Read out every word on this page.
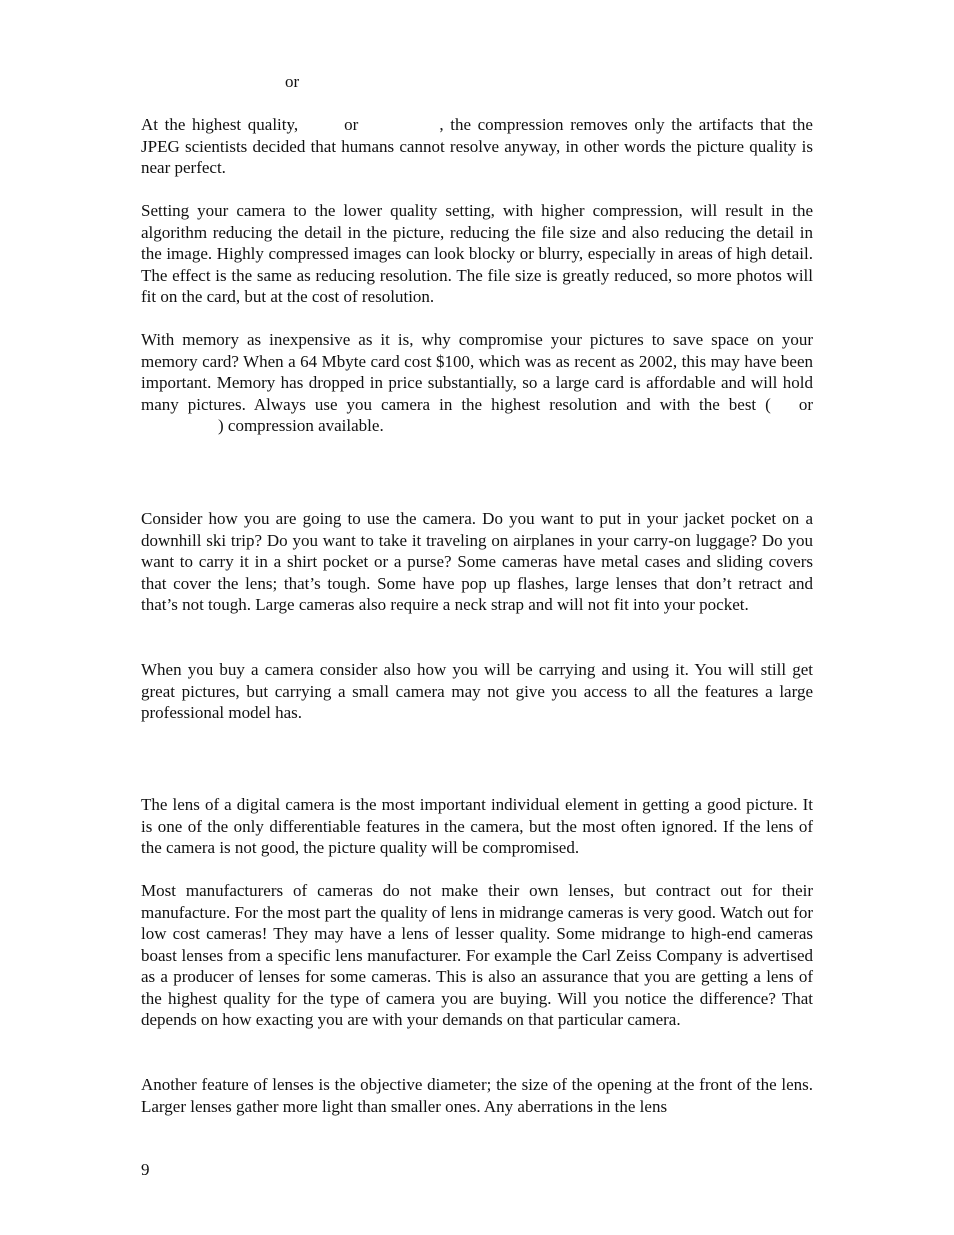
or

At the highest quality,	or	, the compression removes only the artifacts that the JPEG scientists decided that humans cannot resolve anyway, in other words the picture quality is near perfect.

Setting your camera to the lower quality setting, with higher compression, will result in the algorithm reducing the detail in the picture, reducing the file size and also reducing the detail in the image. Highly compressed images can look blocky or blurry, especially in areas of high detail. The effect is the same as reducing resolution. The file size is greatly reduced, so more photos will fit on the card, but at the cost of resolution.

With memory as inexpensive as it is, why compromise your pictures to save space on your memory card? When a 64 Mbyte card cost $100, which was as recent as 2002, this may have been important. Memory has dropped in price substantially, so a large card is affordable and will hold many pictures. Always use you camera in the highest resolution and with the best ( or) compression available.

Consider how you are going to use the camera. Do you want to put in your jacket pocket on a downhill ski trip? Do you want to take it traveling on airplanes in your carry-on luggage? Do you want to carry it in a shirt pocket or a purse? Some cameras have metal cases and sliding covers that cover the lens; that’s tough. Some have pop up flashes, large lenses that don’t retract and that’s not tough. Large cameras also require a neck strap and will not fit into your pocket.

When you buy a camera consider also how you will be carrying and using it. You will still get great pictures, but carrying a small camera may not give you access to all the features a large professional model has.

The lens of a digital camera is the most important individual element in getting a good picture. It is one of the only differentiable features in the camera, but the most often ignored. If the lens of the camera is not good, the picture quality will be compromised.

Most manufacturers of cameras do not make their own lenses, but contract out for their manufacture. For the most part the quality of lens in midrange cameras is very good. Watch out for low cost cameras! They may have a lens of lesser quality. Some midrange to high-end cameras boast lenses from a specific lens manufacturer. For example the Carl Zeiss Company is advertised as a producer of lenses for some cameras. This is also an assurance that you are getting a lens of the highest quality for the type of camera you are buying. Will you notice the difference? That depends on how exacting you are with your demands on that particular camera.

Another feature of lenses is the objective diameter; the size of the opening at the front of the lens. Larger lenses gather more light than smaller ones. Any aberrations in the lens

9
